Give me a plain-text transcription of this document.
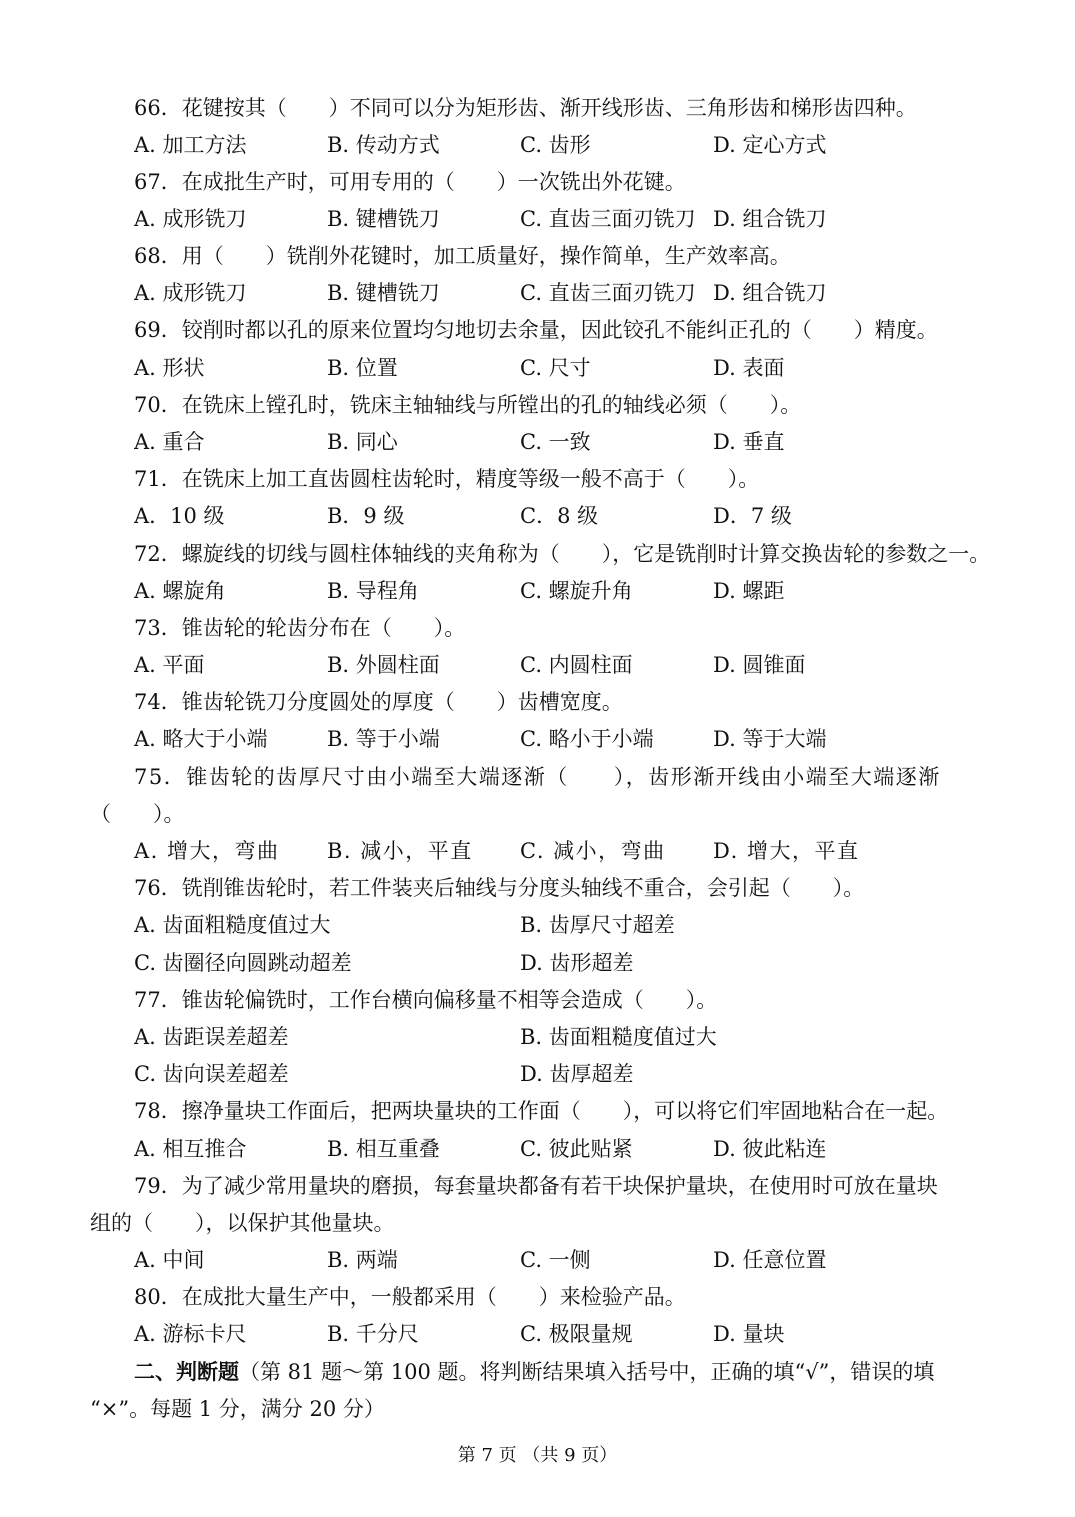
66．花键按其（　　）不同可以分为矩形齿、渐开线形齿、三角形齿和梯形齿四种。
A. 加工方法	B. 传动方式	C. 齿形	D. 定心方式
67．在成批生产时，可用专用的（　　）一次铣出外花键。
A. 成形铣刀	B. 键槽铣刀	C. 直齿三面刃铣刀 D. 组合铣刀
68．用（　　）铣削外花键时，加工质量好，操作简单，生产效率高。
A. 成形铣刀	B. 键槽铣刀	C. 直齿三面刃铣刀 D. 组合铣刀
69．铰削时都以孔的原来位置均匀地切去余量，因此铰孔不能纠正孔的（　　）精度。
A. 形状	B. 位置	C. 尺寸	D. 表面
70．在铣床上镗孔时，铣床主轴轴线与所镗出的孔的轴线必须（　　）。
A. 重合	B. 同心	C. 一致	D. 垂直
71．在铣床上加工直齿圆柱齿轮时，精度等级一般不高于（　　）。
A．10 级	B．9 级	C．8 级	D．7 级
72．螺旋线的切线与圆柱体轴线的夹角称为（　　），它是铣削时计算交换齿轮的参数之一。
A. 螺旋角	B. 导程角	C. 螺旋升角	D. 螺距
73．锥齿轮的轮齿分布在（　　）。
A. 平面	B. 外圆柱面	C. 内圆柱面	D. 圆锥面
74．锥齿轮铣刀分度圆处的厚度（　　）齿槽宽度。
A. 略大于小端	B. 等于小端	C. 略小于小端	D. 等于大端
75．锥齿轮的齿厚尺寸由小端至大端逐渐（　　），齿形渐开线由小端至大端逐渐
（　　）。
A. 增大，弯曲 B. 减小，平直 C. 减小，弯曲 D. 增大，平直
76．铣削锥齿轮时，若工件装夹后轴线与分度头轴线不重合，会引起（　　）。
A. 齿面粗糙度值过大	B. 齿厚尺寸超差
C. 齿圈径向圆跳动超差	D. 齿形超差
77．锥齿轮偏铣时，工作台横向偏移量不相等会造成（　　）。
A. 齿距误差超差	B. 齿面粗糙度值过大
C. 齿向误差超差	D. 齿厚超差
78．擦净量块工作面后，把两块量块的工作面（　　），可以将它们牢固地粘合在一起。
A. 相互推合	B. 相互重叠	C. 彼此贴紧	D. 彼此粘连
79．为了减少常用量块的磨损，每套量块都备有若干块保护量块，在使用时可放在量块
组的（　　），以保护其他量块。
A. 中间	B. 两端	C. 一侧	D. 任意位置
80．在成批大量生产中，一般都采用（　　）来检验产品。
A. 游标卡尺	B. 千分尺	C. 极限量规	D. 量块
二、判断题（第 81 题～第 100 题。将判断结果填入括号中，正确的填“√”，错误的填
“×”。每题 1 分，满分 20 分）
第 7 页 （共 9 页）
